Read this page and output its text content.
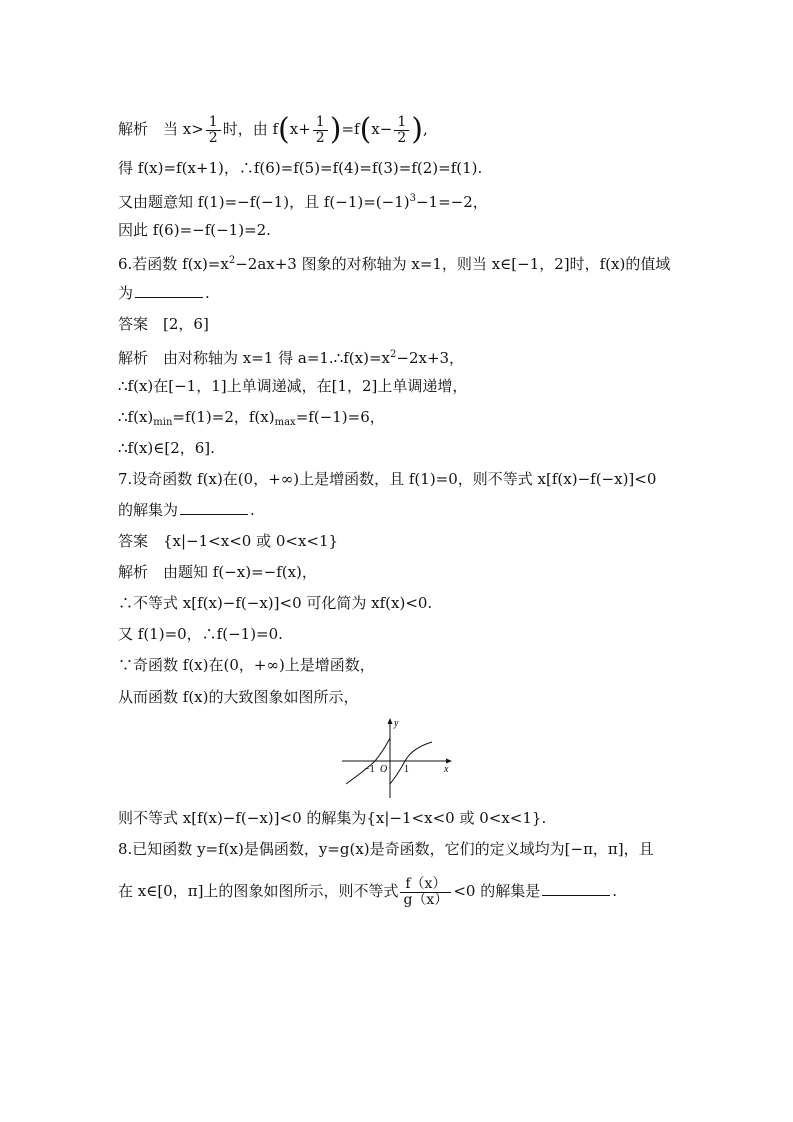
解析　当 $x> \frac{1}{2}$ 时，由 $f(x+ \frac{1}{2} )=f(x- \frac{1}{2}$ ),
得 f(x)=f(x+1)，∴f(6)=f(5)=f(4)=f(3)=f(2)=f(1).
又由题意知 f(1)=−f(−1)，且 $f(-1)=(-1)^3-1=-2$，
因此 f(6)=−f(−1)=2.
6.若函数 $f(x)=x^2-2ax+3$ 图象的对称轴为 x=1，则当 x∈[−1，2]时，f(x)的值域
为	.
答案　[2，6]
解析　由对称轴为 x=1 得 $a=1.\therefore f(x)=x^2-2x+3$，
∴f(x)在[−1，1]上单调递减，在[1，2]上单调递增，
$\therefore f(x)_{min}=f(1)=2$，$f(x)_{max}=f(-1)=6$，
∴f(x)∈[2，6].
7.设奇函数 f(x)在(0，+∞)上是增函数，且 f(1)=0，则不等式 x[f(x)−f(−x)]<0
的解集为	.
答案　{x|−1<x<0 或 0<x<1}
解析　由题知 f(−x)=−f(x)，
∴不等式 x[f(x)−f(−x)]<0 可化简为 xf(x)<0.
又 f(1)=0，∴f(−1)=0.
∵奇函数 f(x)在(0，+∞)上是增函数，
从而函数 f(x)的大致图象如图所示，
y
x
−1 O 1
则不等式 x[f(x)−f(−x)]<0 的解集为{x|−1<x<0 或 0<x<1}.
8.已知函数 y=f(x)是偶函数，y=g(x)是奇函数，它们的定义域均为[−π，π]，且
在 x∈[0，π]上的图象如图所示，则不等式 $\frac{f(x)}{g(x)} <0$ 的解集是	.
